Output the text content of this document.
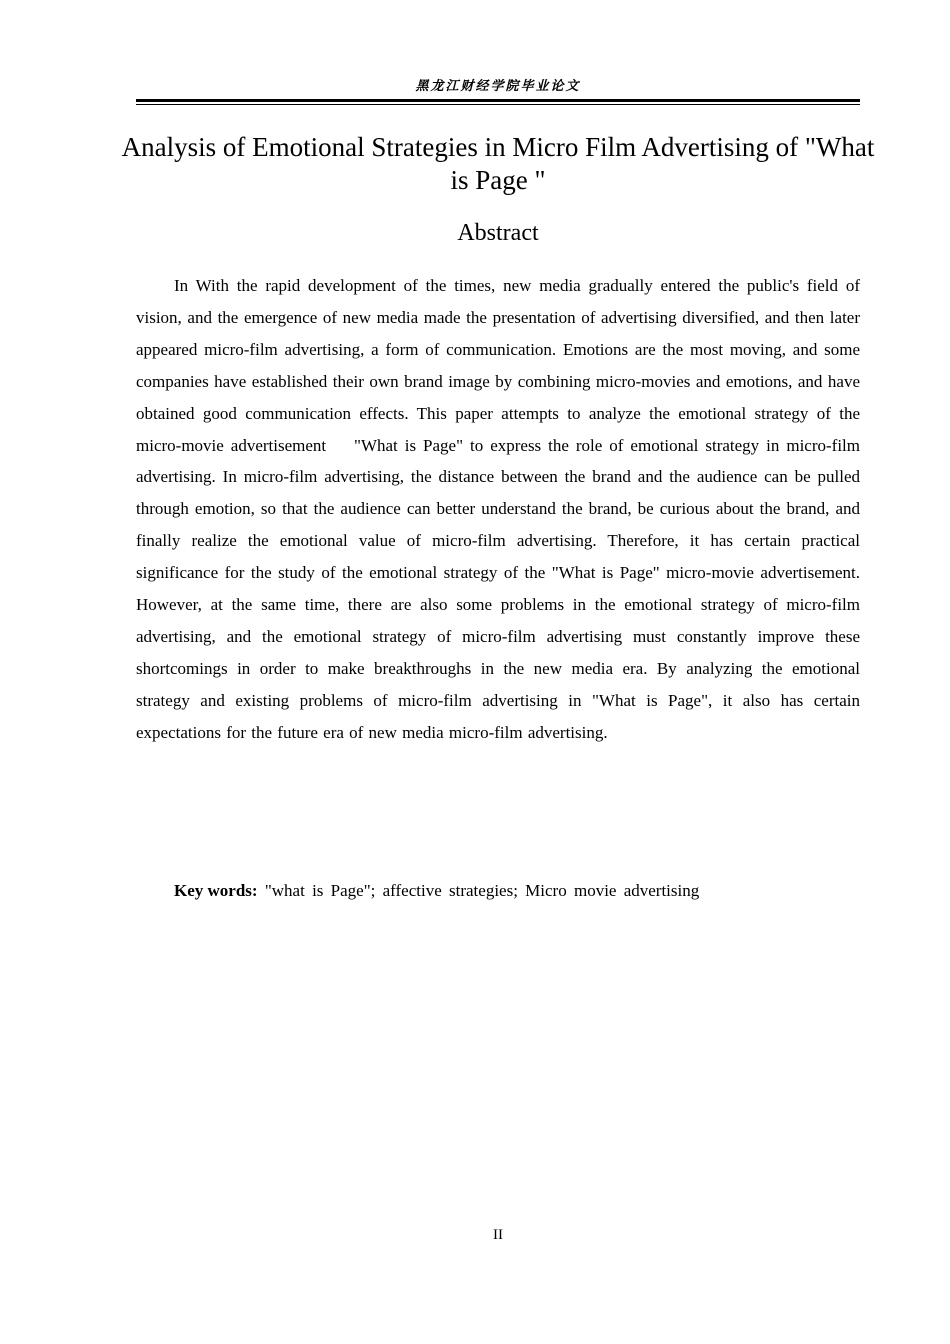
黑龙江财经学院毕业论文
Analysis of Emotional Strategies in Micro Film Advertising of "What is Page "
Abstract

In With the rapid development of the times, new media gradually entered the public's field of vision, and the emergence of new media made the presentation of advertising diversified, and then later appeared micro-film advertising, a form of communication. Emotions are the most moving, and some companies have established their own brand image by combining micro-movies and emotions, and have obtained good communication effects. This paper attempts to analyze the emotional strategy of the micro-movie advertisement    "What is Page" to express the role of emotional strategy in micro-film advertising. In micro-film advertising, the distance between the brand and the audience can be pulled through emotion, so that the audience can better understand the brand, be curious about the brand, and finally realize the emotional value of micro-film advertising. Therefore, it has certain practical significance for the study of the emotional strategy of the "What is Page" micro-movie advertisement. However, at the same time, there are also some problems in the emotional strategy of micro-film advertising, and the emotional strategy of micro-film advertising must constantly improve these shortcomings in order to make breakthroughs in the new media era. By analyzing the emotional strategy and existing problems of micro-film advertising in "What is Page", it also has certain expectations for the future era of new media micro-film advertising.

Key words: "what is Page"; affective strategies; Micro movie advertising

II
